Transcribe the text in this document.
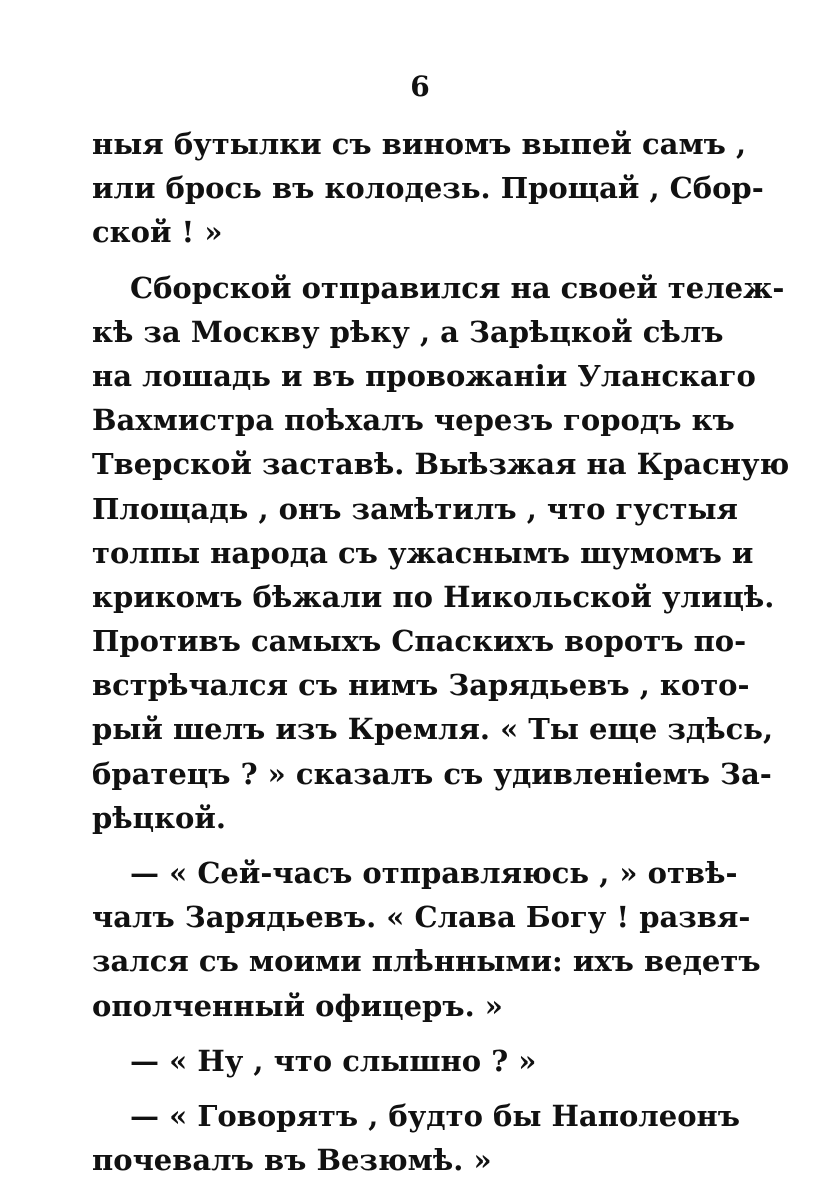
6
ныя бутылки съ виномъ выпей самъ ,
или брось въ колодезь. Прощай , Сбор-
ской ! »
Сборской отправился на своей тележ-
кѣ за Москву рѣку , а Зарѣцкой сѣлъ
на лошадь и въ провожаніи Уланскаго
Вахмистра поѣхалъ черезъ городъ къ
Тверской заставѣ. Выѣзжая на Красную
Площадь , онъ замѣтилъ , что густыя
толпы народа съ ужаснымъ шумомъ и
крикомъ бѣжали по Никольской улицѣ.
Противъ самыхъ Спаскихъ воротъ по-
встрѣчался съ нимъ Зарядьевъ , кото-
рый шелъ изъ Кремля. « Ты еще здѣсь,
братецъ ? » сказалъ съ удивленіемъ За-
рѣцкой.
— « Сей-часъ отправляюсь , » отвѣ-
чалъ Зарядьевъ. « Слава Богу ! развя-
зался съ моими плѣнными: ихъ ведетъ
ополченный офицеръ. »
— « Ну , что слышно ? »
— « Говорятъ , будто бы Наполеонъ
почевалъ въ Везюмѣ. »
